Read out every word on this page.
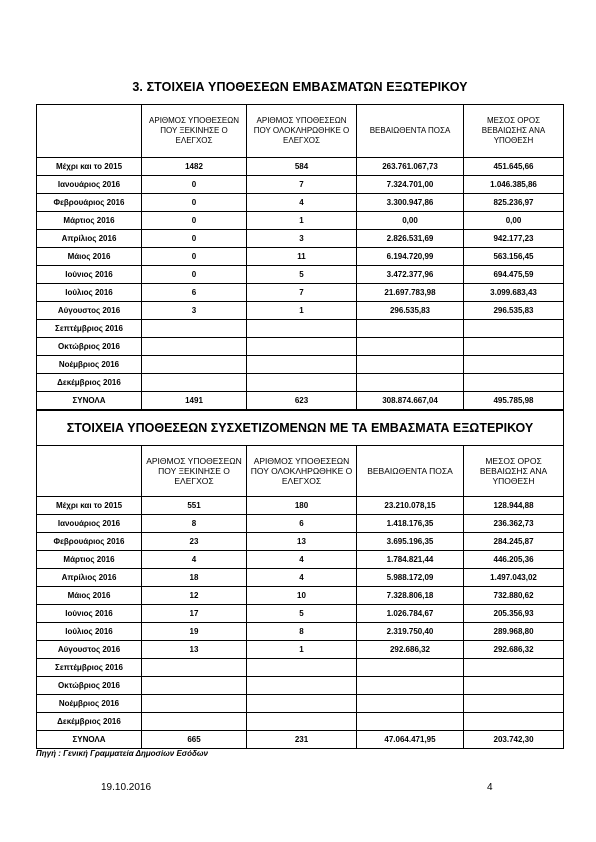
3. ΣΤΟΙΧΕΙΑ ΥΠΟΘΕΣΕΩΝ ΕΜΒΑΣΜΑΤΩΝ ΕΞΩΤΕΡΙΚΟΥ
	ΑΡΙΘΜΟΣ ΥΠΟΘΕΣΕΩΝ ΠΟΥ ΞΕΚΙΝΗΣΕ Ο ΕΛΕΓΧΟΣ	ΑΡΙΘΜΟΣ ΥΠΟΘΕΣΕΩΝ ΠΟΥ ΟΛΟΚΛΗΡΩΘΗΚΕ Ο ΕΛΕΓΧΟΣ	ΒΕΒΑΙΩΘΕΝΤΑ ΠΟΣΑ	ΜΕΣΟΣ ΟΡΟΣ ΒΕΒΑΙΩΣΗΣ ΑΝΑ ΥΠΟΘΕΣΗ
Μέχρι και το 2015	1482	584	263.761.067,73	451.645,66
Ιανουάριος 2016	0	7	7.324.701,00	1.046.385,86
Φεβρουάριος 2016	0	4	3.300.947,86	825.236,97
Μάρτιος 2016	0	1	0,00	0,00
Απρίλιος 2016	0	3	2.826.531,69	942.177,23
Μάιος 2016	0	11	6.194.720,99	563.156,45
Ιούνιος 2016	0	5	3.472.377,96	694.475,59
Ιούλιος 2016	6	7	21.697.783,98	3.099.683,43
Αύγουστος 2016	3	1	296.535,83	296.535,83
Σεπτέμβριος 2016				
Οκτώβριος 2016				
Νοέμβριος 2016				
Δεκέμβριος 2016				
ΣΥΝΟΛΑ	1491	623	308.874.667,04	495.785,98
ΣΤΟΙΧΕΙΑ ΥΠΟΘΕΣΕΩΝ ΣΥΣΧΕΤΙΖΟΜΕΝΩΝ ΜΕ ΤΑ ΕΜΒΑΣΜΑΤΑ ΕΞΩΤΕΡΙΚΟΥ				
	ΑΡΙΘΜΟΣ ΥΠΟΘΕΣΕΩΝ ΠΟΥ ΞΕΚΙΝΗΣΕ Ο ΕΛΕΓΧΟΣ	ΑΡΙΘΜΟΣ ΥΠΟΘΕΣΕΩΝ ΠΟΥ ΟΛΟΚΛΗΡΩΘΗΚΕ Ο ΕΛΕΓΧΟΣ	ΒΕΒΑΙΩΘΕΝΤΑ ΠΟΣΑ	ΜΕΣΟΣ ΟΡΟΣ ΒΕΒΑΙΩΣΗΣ ΑΝΑ ΥΠΟΘΕΣΗ
Μέχρι και το 2015	551	180	23.210.078,15	128.944,88
Ιανουάριος 2016	8	6	1.418.176,35	236.362,73
Φεβρουάριος 2016	23	13	3.695.196,35	284.245,87
Μάρτιος 2016	4	4	1.784.821,44	446.205,36
Απρίλιος 2016	18	4	5.988.172,09	1.497.043,02
Μάιος 2016	12	10	7.328.806,18	732.880,62
Ιούνιος 2016	17	5	1.026.784,67	205.356,93
Ιούλιος 2016	19	8	2.319.750,40	289.968,80
Αύγουστος 2016	13	1	292.686,32	292.686,32
Σεπτέμβριος 2016				
Οκτώβριος 2016				
Νοέμβριος 2016				
Δεκέμβριος 2016				
ΣΥΝΟΛΑ	665	231	47.064.471,95	203.742,30
Πηγή : Γενική Γραμματεία Δημοσίων Εσόδων
19.10.2016	4
